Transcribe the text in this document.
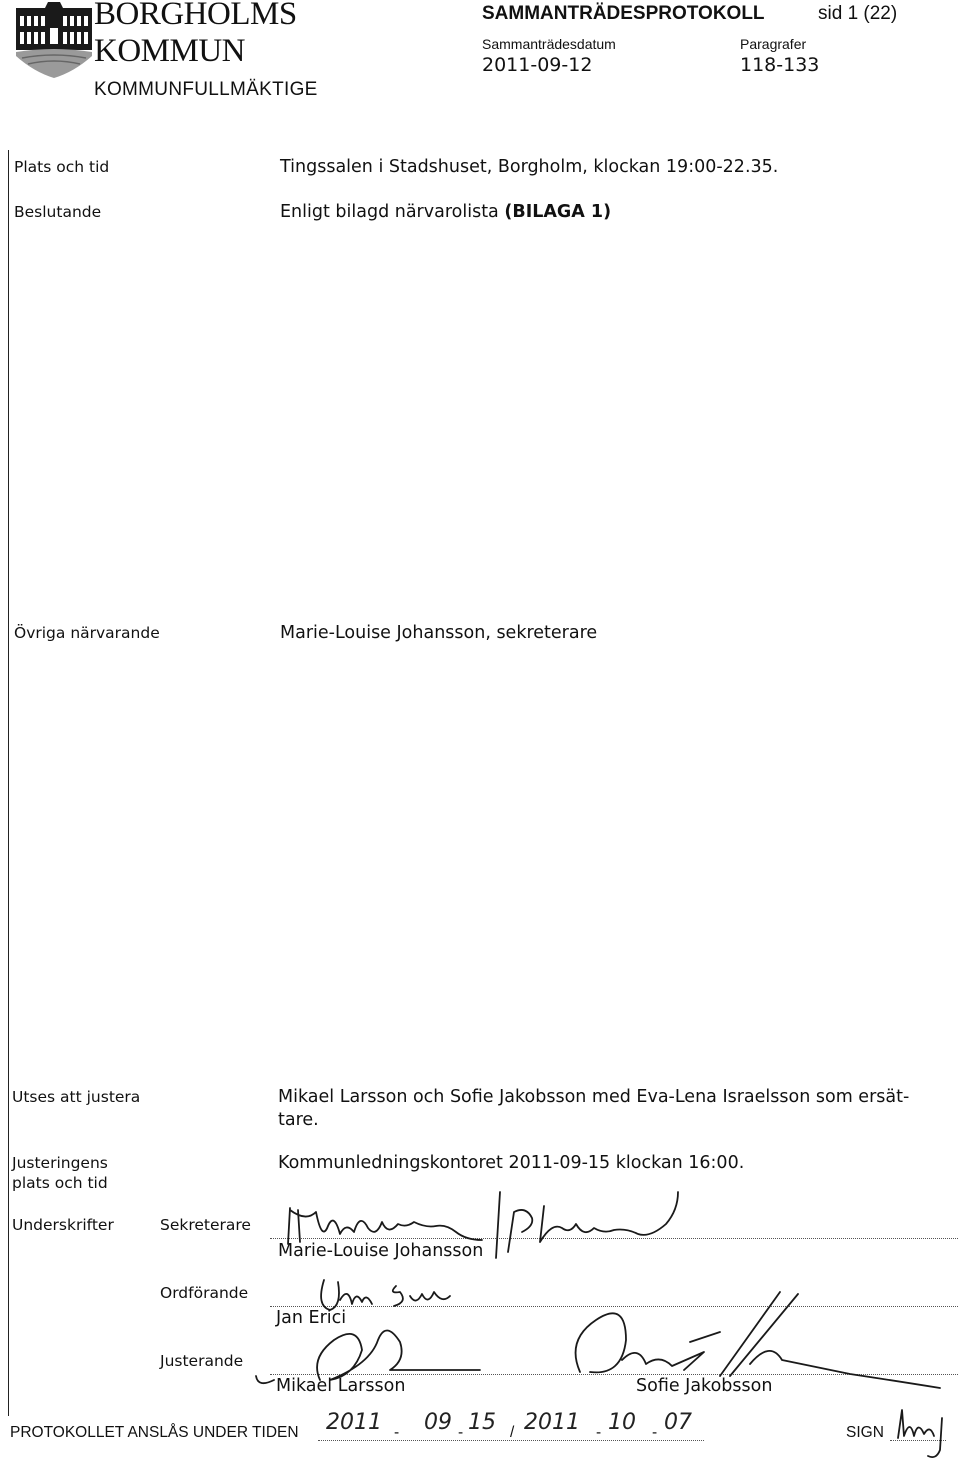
BORGHOLMS
KOMMUN
KOMMUNFULLMÄKTIGE
SAMMANTRÄDESPROTOKOLL	sid 1 (22)
Sammanträdesdatum
2011-09-12
Paragrafer
118-133
Plats och tid	Tingssalen i Stadshuset, Borgholm, klockan 19:00-22.35.
Beslutande	Enligt bilagd närvarolista (BILAGA 1)
Övriga närvarande	Marie-Louise Johansson, sekreterare
Utses att justera	Mikael Larsson och Sofie Jakobsson med Eva-Lena Israelsson som ersät-
tare.
Justeringens
plats och tid
Kommunledningskontoret 2011-09-15 klockan 16:00.
Underskrifter	Sekreterare
Marie-Louise Johansson
Ordförande
Jan Erici
Justerande
Mikael Larsson	Sofie Jakobsson
PROTOKOLLET ANSLÅS UNDER TIDEN 2011 - 09 - 15 / 2011 - 10 - 07	SIGN
